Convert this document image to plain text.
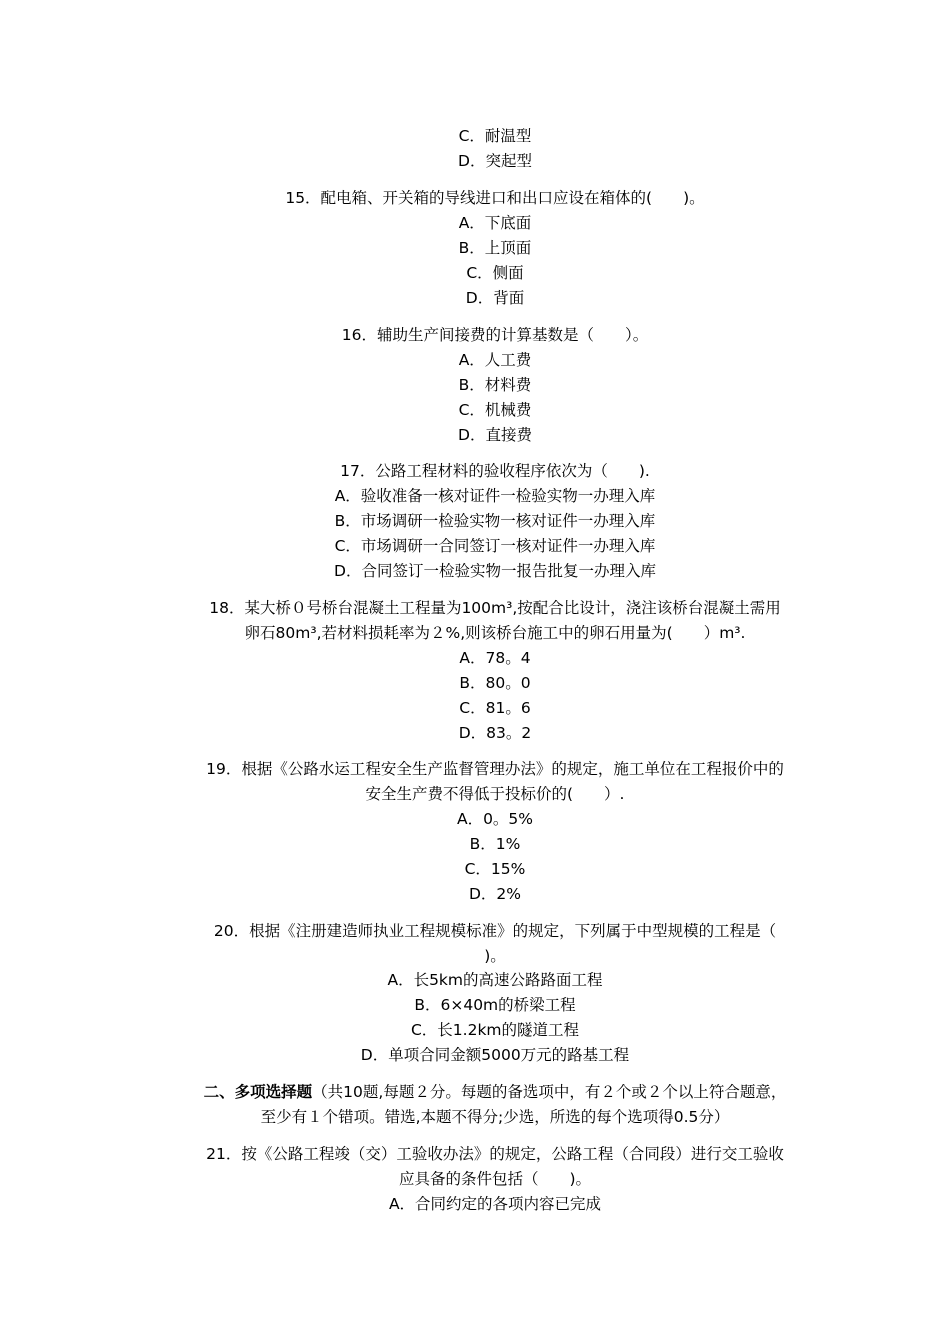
C．耐温型
D．突起型
15．配电箱、开关箱的导线进口和出口应设在箱体的(　　)。
A．下底面
B．上顶面
C．侧面
D．背面
16．辅助生产间接费的计算基数是（　　）。
A．人工费
B．材料费
C．机械费
D．直接费
17．公路工程材料的验收程序依次为（　　).
A．验收准备一核对证件一检验实物一办理入库
B．市场调研一检验实物一核对证件一办理入库
C．市场调研一合同签订一核对证件一办理入库
D．合同签订一检验实物一报告批复一办理入库
18．某大桥０号桥台混凝土工程量为100m³,按配合比设计，浇注该桥台混凝土需用
卵石80m³,若材料损耗率为２%,则该桥台施工中的卵石用量为(　　）m³.
A．78。4
B．80。0
C．81。6
D．83。2
19．根据《公路水运工程安全生产监督管理办法》的规定，施工单位在工程报价中的
安全生产费不得低于投标价的(　　）.
A．0。5%
B．1%
C．15%
D．2%
20．根据《注册建造师执业工程规模标准》的规定，下列属于中型规模的工程是（
)。
A．长5km的高速公路路面工程
B．6×40m的桥梁工程
C．长1.2km的隧道工程
D．单项合同金额5000万元的路基工程
二、多项选择题（共10题,每题２分。每题的备选项中，有２个或２个以上符合题意，
至少有１个错项。错选,本题不得分;少选，所选的每个选项得0.5分）
21．按《公路工程竣（交）工验收办法》的规定，公路工程（合同段）进行交工验收
应具备的条件包括（　　)。
A．合同约定的各项内容已完成
